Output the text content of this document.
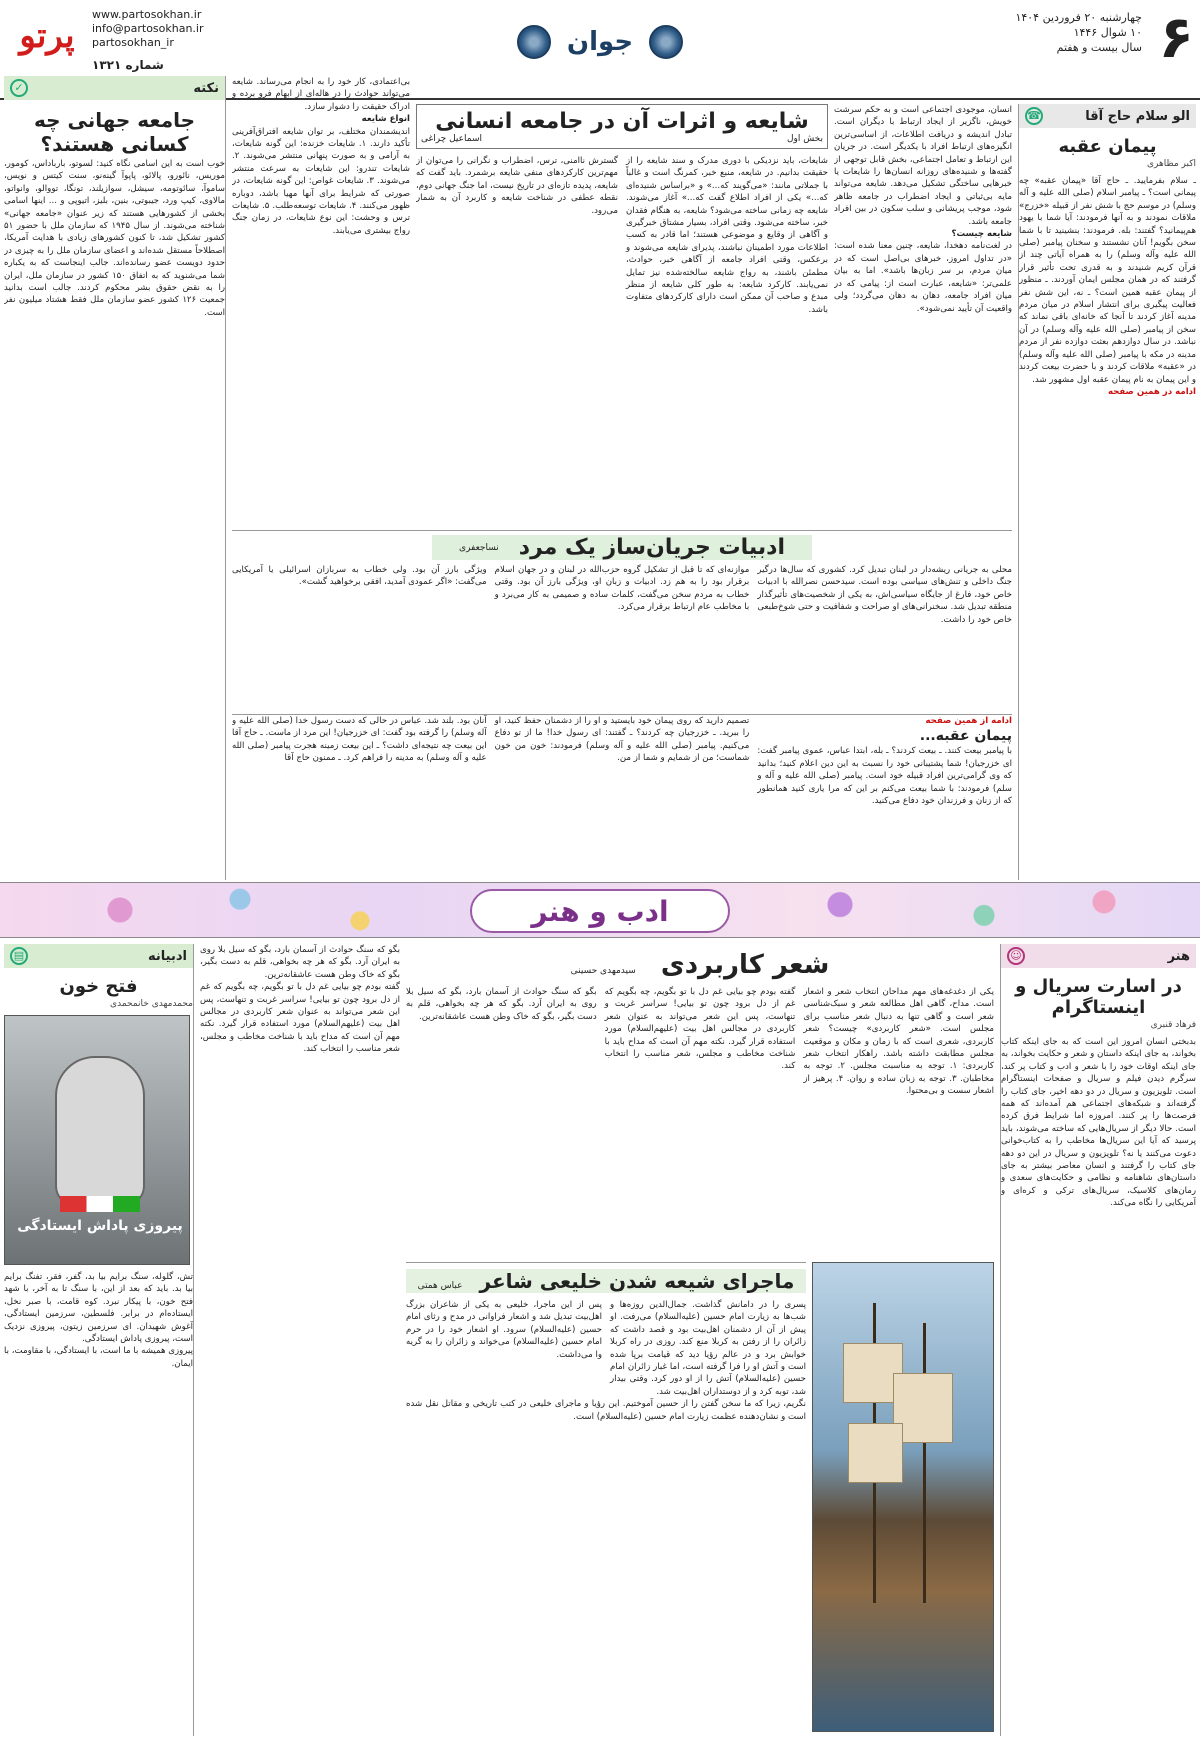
۶
چهارشنبه ۲۰ فروردین ۱۴۰۴
۱۰ شوال ۱۴۴۶
سال بیست و هفتم
جوان
www.partosokhan.ir
info@partosokhan.ir
partosokhan_ir
شماره ۱۳۲۱
پرتو
الو سلام حاج آقا
☎
پیمان عقبه
اکبر مظاهری

ـ سلام بفرمایید. ـ حاج آقا «پیمان عقبه» چه پیمانی است؟ ـ پیامبر اسلام (صلی الله علیه و آله وسلم) در موسم حج با شش نفر از قبیله «خزرج» ملاقات نمودند و به آنها فرمودند: آیا شما با یهود هم‌پیمانید؟ گفتند: بله. فرمودند: بنشینید تا با شما سخن بگویم! آنان نشستند و سخنان پیامبر (صلی الله علیه وآله وسلم) را به همراه آیاتی چند از قرآن کریم شنیدند و به قدری تحت تأثیر قرار گرفتند که در همان مجلس ایمان آوردند. ـ منظور از پیمان عقبه همین است؟ ـ نه، این شش نفر فعالیت پیگیری برای انتشار اسلام در میان مردم مدینه آغاز کردند تا آنجا که خانه‌ای باقی نماند که سخن از پیامبر (صلی الله علیه وآله وسلم) در آن نباشد. در سال دوازدهم بعثت دوازده نفر از مردم مدینه در مکه با پیامبر (صلی الله علیه وآله وسلم) در «عقبه» ملاقات کردند و با حضرت بیعت کردند و این پیمان به نام پیمان عقبه اول مشهور شد.

ادامه در همین صفحه

انسان، موجودی اجتماعی است و به حکم سرشت خویش، ناگزیر از ایجاد ارتباط با دیگران است. تبادل اندیشه و دریافت اطلاعات، از اساسی‌ترین انگیزه‌های ارتباط افراد با یکدیگر است. در جریان این ارتباط و تعامل اجتماعی، بخش قابل توجهی از گفته‌ها و شنیده‌های روزانه انسان‌ها را شایعات یا خبرهایی ساختگی تشکیل می‌دهد. شایعه می‌تواند مایه بی‌ثباتی و ایجاد اضطراب در جامعه ظاهر شود، موجب پریشانی و سلب سکون در بین افراد جامعه باشد.

شایعه چیست؟

در لغت‌نامه دهخدا، شایعه، چنین معنا شده است: «در تداول امروز، خبرهای بی‌اصل است که در میان مردم، بر سر زبان‌ها باشد». اما به بیان علمی‌تر: «شایعه، عبارت است از: پیامی که در میان افراد جامعه، دهان به دهان می‌گردد؛ ولی واقعیت آن تأیید نمی‌شود».

شایعه و اثرات آن در جامعه انسانی
بخش اول
اسماعیل چراغی

شایعات، باید نزدیکی با دوری مدرک و سند شایعه را از حقیقت بدانیم. در شایعه، منبع خبر، کمرنگ است و غالباً با جملاتی مانند: «می‌گویند که...» و «براساس شنیده‌ای که...» یکی از افراد اطلاع گفت که...» آغاز می‌شوند. شایعه چه زمانی ساخته می‌شود؟ شایعه، به هنگام فقدان خبر، ساخته می‌شود. وقتی افراد، بسیار مشتاق خبرگیری و آگاهی از وقایع و موضوعی هستند؛ اما قادر به کسب اطلاعات مورد اطمینان نباشند، پذیرای شایعه می‌شوند و برعکس، وقتی افراد جامعه از آگاهی خبر، حوادث، مطمئن باشند، به رواج شایعه سالخته‌شده نیز تمایل نمی‌یابند. کارکرد شایعه: به طور کلی شایعه از منظر مبدع و صاحب آن ممکن است دارای کارکردهای متفاوت باشد.

گسترش ناامنی، ترس، اضطراب و نگرانی را می‌توان از مهم‌ترین کارکردهای منفی شایعه برشمرد. باید گفت که شایعه، پدیده تازه‌ای در تاریخ نیست، اما جنگ جهانی دوم، نقطه عطفی در شناخت شایعه و کاربرد آن به شمار می‌رود.

بی‌اعتمادی، کار خود را به انجام می‌رساند. شایعه می‌تواند حوادث را در هاله‌ای از ابهام فرو برده و ادراک حقیقت را دشوار سازد.

انواع شایعه

اندیشمندان مختلف، بر توان شایعه افتراق‌آفرینی تأکید دارند. ۱. شایعات خزنده: این گونه شایعات، به آرامی و به صورت پنهانی منتشر می‌شوند. ۲. شایعات تندرو: این شایعات به سرعت منتشر می‌شوند. ۳. شایعات غواص: این گونه شایعات، در صورتی که شرایط برای آنها مهیا باشد، دوباره ظهور می‌کنند. ۴. شایعات توسعه‌طلب. ۵. شایعات ترس و وحشت: این نوع شایعات، در زمان جنگ رواج بیشتری می‌یابند.

نکته
✓
جامعه جهانی چه کسانی هستند؟

خوب است به این اسامی نگاه کنید: لسوتو، بارباداس، کومور، موریس، نائورو، پالائو، پاپوآ گینه‌نو، سنت کیتس و نویس، ساموآ، سائوتومه، سیشل، سوازیلند، تونگا، تووالو، وانواتو، مالاوی، کیپ ورد، جیبوتی، بنین، بلیز، اتیوپی و ... اینها اسامی بخشی از کشورهایی هستند که زیر عنوان «جامعه جهانی» شناخته می‌شوند. از سال ۱۹۴۵ که سازمان ملل با حضور ۵۱ کشور تشکیل شد، تا کنون کشورهای زیادی با هدایت آمریکا، اصطلاحاً مستقل شده‌اند و اعضای سازمان ملل را به چیزی در حدود دویست عضو رسانده‌اند. جالب اینجاست که به یکباره شما می‌شنوید که به اتفاق ۱۵۰ کشور در سازمان ملل، ایران را به نقض حقوق بشر محکوم کردند. جالب است بدانید جمعیت ۱۲۶ کشور عضو سازمان ملل فقط هشتاد میلیون نفر است.

ادبیات جریان‌ساز یک مرد
نساجعفری

محلی به جریانی ریشه‌دار در لبنان تبدیل کرد. کشوری که سال‌ها درگیر جنگ داخلی و تنش‌های سیاسی بوده است. سیدحسن نصرالله با ادبیات خاص خود، فارغ از جایگاه سیاسی‌اش، به یکی از شخصیت‌های تأثیرگذار منطقه تبدیل شد. سخنرانی‌های او صراحت و شفافیت و حتی شوخ‌طبعی خاص خود را داشت.

موازنه‌ای که تا قبل از تشکیل گروه حزب‌الله در لبنان و در جهان اسلام برقرار بود را به هم زد. ادبیات و زبان او، ویژگی بارز آن بود. وقتی خطاب به مردم سخن می‌گفت، کلمات ساده و صمیمی به کار می‌برد و با مخاطب عام ارتباط برقرار می‌کرد.

ویژگی بارز آن بود. ولی خطاب به سربازان اسرائیلی یا آمریکایی می‌گفت: «اگر عمودی آمدید، افقی برخواهید گشت».

ادامه از همین صفحه

پیمان عقبه...

با پیامبر بیعت کنند. ـ بیعت کردند؟ ـ بله، ابتدا عباس، عموی پیامبر گفت: ای خزرجیان! شما پشتیبانی خود را نسبت به این دین اعلام کنید؛ بدانید که وی گرامی‌ترین افراد قبیله خود است. پیامبر (صلی الله علیه و آله و سلم) فرمودند: با شما بیعت می‌کنم بر این که مرا یاری کنید همانطور که از زنان و فرزندان خود دفاع می‌کنید.

تصمیم دارید که روی پیمان خود بایستید و او را از دشمنان حفظ کنید، او را ببرید. ـ خزرجیان چه کردند؟ ـ گفتند: ای رسول خدا! ما از تو دفاع می‌کنیم. پیامبر (صلی الله علیه و آله وسلم) فرمودند: خون من خون شماست؛ من از شمایم و شما از من.

آنان بود. بلند شد. عباس در حالی که دست رسول خدا (صلی الله علیه و آله وسلم) را گرفته بود گفت: ای خزرجیان! این مرد از ماست. ـ حاج آقا این بیعت چه نتیجه‌ای داشت؟ ـ این بیعت زمینه هجرت پیامبر (صلی الله علیه و آله وسلم) به مدینه را فراهم کرد. ـ ممنون حاج آقا

ادب و هنر
هنر
☺
در اسارت سریال و اینستاگرام
فرهاد قنبری

بدبختی انسان امروز این است که به جای اینکه کتاب بخواند، به جای اینکه داستان و شعر و حکایت بخواند، به جای اینکه اوقات خود را با شعر و ادب و کتاب پر کند، سرگرم دیدن فیلم و سریال و صفحات اینستاگرام است. تلویزیون و سریال در دو دهه اخیر، جای کتاب را گرفته‌اند و شبکه‌های اجتماعی هم آمده‌اند که همه فرصت‌ها را پر کنند. امروزه اما شرایط فرق کرده است. حالا دیگر از سریال‌هایی که ساخته می‌شوند، باید پرسید که آیا این سریال‌ها مخاطب را به کتاب‌خوانی دعوت می‌کنند یا نه؟ تلویزیون و سریال در این دو دهه جای کتاب را گرفتند و انسان معاصر بیشتر به جای داستان‌های شاهنامه و نظامی و حکایت‌های سعدی و رمان‌های کلاسیک، سریال‌های ترکی و کره‌ای و آمریکایی را نگاه می‌کند.

شعر کاربردی سیدمهدی حسینی

یکی از دغدغه‌های مهم مداحان انتخاب شعر و اشعار است. مداح، گاهی اهل مطالعه شعر و سبک‌شناسی شعر است و گاهی تنها به دنبال شعر مناسب برای مجلس است. «شعر کاربردی» چیست؟ شعر کاربردی، شعری است که با زمان و مکان و موقعیت مجلس مطابقت داشته باشد. راهکار انتخاب شعر کاربردی: ۱. توجه به مناسبت مجلس. ۲. توجه به مخاطبان. ۳. توجه به زبان ساده و روان. ۴. پرهیز از اشعار سست و بی‌محتوا.

گفته بودم چو بیایی غم دل با تو بگویم، چه بگویم که غم از دل برود چون تو بیایی! سراسر غربت و تنهاست، پس این شعر می‌تواند به عنوان شعر کاربردی در مجالس اهل بیت (علیهم‌السلام) مورد استفاده قرار گیرد. نکته مهم آن است که مداح باید با شناخت مخاطب و مجلس، شعر مناسب را انتخاب کند.

بگو که سنگ حوادث از آسمان بارد، بگو که سیل بلا روی به ایران آرد. بگو که هر چه بخواهی، قلم به دست بگیر، بگو که خاک وطن هست عاشقانه‌ترین.

ماجرای شیعه شدن خلیعی شاعر عباس همتی

پسری را در دامانش گذاشت. جمال‌الدین روزه‌ها و شب‌ها به زیارت امام حسین (علیه‌السلام) می‌رفت. او پیش از آن از دشمنان اهل‌بیت بود و قصد داشت که زائران را از رفتن به کربلا منع کند. روزی در راه کربلا خوابش برد و در عالم رؤیا دید که قیامت برپا شده است و آتش او را فرا گرفته است، اما غبار زائران امام حسین (علیه‌السلام) آتش را از او دور کرد. وقتی بیدار شد، توبه کرد و از دوستداران اهل‌بیت شد.

پس از این ماجرا، خلیعی به یکی از شاعران بزرگ اهل‌بیت تبدیل شد و اشعار فراوانی در مدح و رثای امام حسین (علیه‌السلام) سرود. او اشعار خود را در حرم امام حسین (علیه‌السلام) می‌خواند و زائران را به گریه وا می‌داشت.

نگریم، زیرا که ما سخن گفتن را از حسین آموختیم. این رؤیا و ماجرای خلیعی در کتب تاریخی و مقاتل نقل شده است و نشان‌دهنده عظمت زیارت امام حسین (علیه‌السلام) است.

ادبیانه
▤
فتح خون
محمدمهدی خانمحمدی
پیروزی پاداش ایستادگی

تش، گلوله، سنگ برایم بیا بد، گفر، فقر، تفنگ برایم بیا بد. باید که بعد از این، با سنگ تا به آخر، با شهد فتح خون، با پیکار نبرد. کوه قامت، با صبر نخل، ایستاده‌ام در برابر. فلسطین، سرزمین ایستادگی، آغوش شهیدان. ای سرزمین زیتون، پیروزی نزدیک است، پیروزی پاداش ایستادگی.

پیروزی همیشه با ما است، با ایستادگی، با مقاومت، با ایمان.

بگو که سنگ حوادث از آسمان بارد، بگو که سیل بلا روی به ایران آرد. بگو که هر چه بخواهی، قلم به دست بگیر، بگو که خاک وطن هست عاشقانه‌ترین.

گفته بودم چو بیایی غم دل با تو بگویم، چه بگویم که غم از دل برود چون تو بیایی! سراسر غربت و تنهاست، پس این شعر می‌تواند به عنوان شعر کاربردی در مجالس اهل بیت (علیهم‌السلام) مورد استفاده قرار گیرد. نکته مهم آن است که مداح باید با شناخت مخاطب و مجلس، شعر مناسب را انتخاب کند.
